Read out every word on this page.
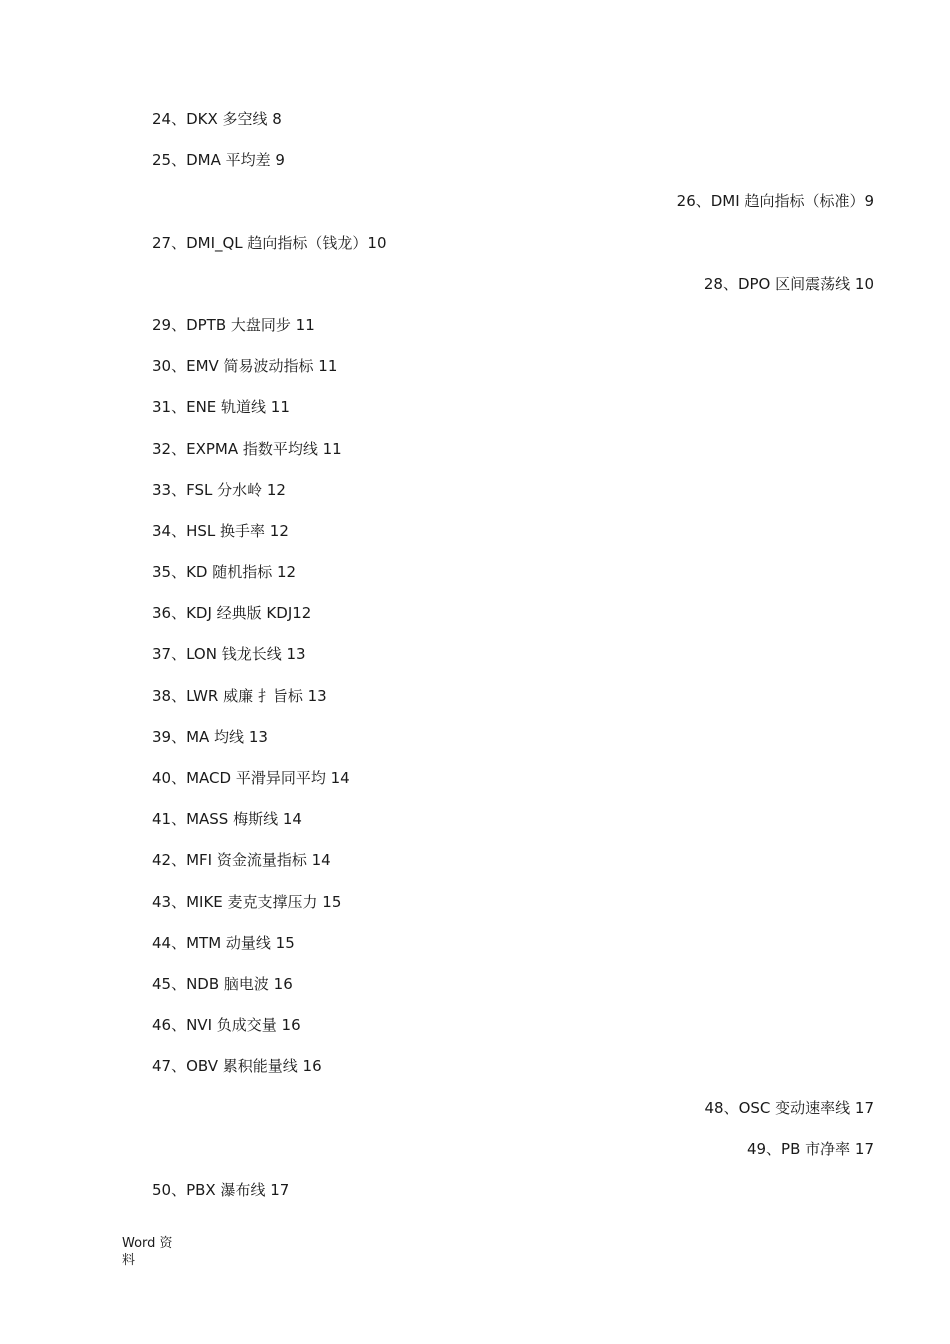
24、DKX 多空线 8
25、DMA 平均差 9
26、DMI 趋向指标（标准）9
27、DMI_QL 趋向指标（钱龙）10
28、DPO 区间震荡线 10
29、DPTB 大盘同步 11
30、EMV 简易波动指标 11
31、ENE 轨道线 11
32、EXPMA 指数平均线 11
33、FSL 分水岭 12
34、HSL 换手率 12
35、KD 随机指标 12
36、KDJ 经典版 KDJ12
37、LON 钱龙长线 13
38、LWR 威廉 扌旨标 13
39、MA 均线 13
40、MACD 平滑异同平均 14
41、MASS 梅斯线 14
42、MFI 资金流量指标 14
43、MIKE 麦克支撑压力 15
44、MTM 动量线 15
45、NDB 脑电波 16
46、NVI 负成交量 16
47、OBV 累积能量线 16
48、OSC 变动速率线 17
49、PB 市净率 17
50、PBX 瀑布线 17
Word 资
料
